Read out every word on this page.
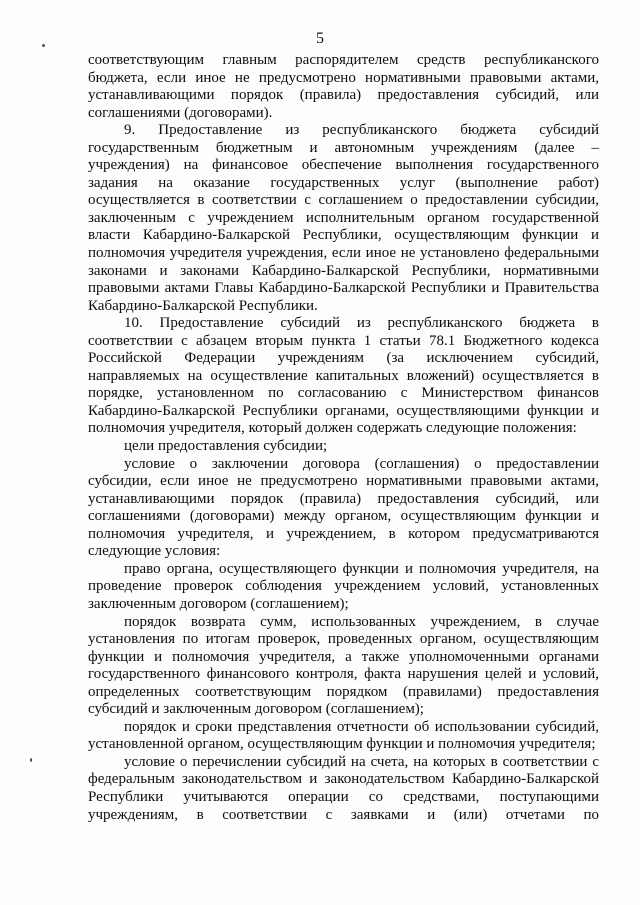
5

соответствующим главным распорядителем средств республиканского бюджета, если иное не предусмотрено нормативными правовыми актами, устанавливающими порядок (правила) предоставления субсидий, или соглашениями (договорами).

9. Предоставление из республиканского бюджета субсидий государственным бюджетным и автономным учреждениям (далее – учреждения) на финансовое обеспечение выполнения государственного задания на оказание государственных услуг (выполнение работ) осуществляется в соответствии с соглашением о предоставлении субсидии, заключенным с учреждением исполнительным органом государственной власти Кабардино-Балкарской Республики, осуществляющим функции и полномочия учредителя учреждения, если иное не установлено федеральными законами и законами Кабардино-Балкарской Республики, нормативными правовыми актами Главы Кабардино-Балкарской Республики и Правительства Кабардино-Балкарской Республики.

10. Предоставление субсидий из республиканского бюджета в соответствии с абзацем вторым пункта 1 статьи 78.1 Бюджетного кодекса Российской Федерации учреждениям (за исключением субсидий, направляемых на осуществление капитальных вложений) осуществляется в порядке, установленном по согласованию с Министерством финансов Кабардино-Балкарской Республики органами, осуществляющими функции и полномочия учредителя, который должен содержать следующие положения:

цели предоставления субсидии;

условие о заключении договора (соглашения) о предоставлении субсидии, если иное не предусмотрено нормативными правовыми актами, устанавливающими порядок (правила) предоставления субсидий, или соглашениями (договорами) между органом, осуществляющим функции и полномочия учредителя, и учреждением, в котором предусматриваются следующие условия:

право органа, осуществляющего функции и полномочия учредителя, на проведение проверок соблюдения учреждением условий, установленных заключенным договором (соглашением);

порядок возврата сумм, использованных учреждением, в случае установления по итогам проверок, проведенных органом, осуществляющим функции и полномочия учредителя, а также уполномоченными органами государственного финансового контроля, факта нарушения целей и условий, определенных соответствующим порядком (правилами) предоставления субсидий и заключенным договором (соглашением);

порядок и сроки представления отчетности об использовании субсидий, установленной органом, осуществляющим функции и полномочия учредителя;

условие о перечислении субсидий на счета, на которых в соответствии с федеральным законодательством и законодательством Кабардино-Балкарской Республики учитываются операции со средствами, поступающими учреждениям, в соответствии с заявками и (или) отчетами по
